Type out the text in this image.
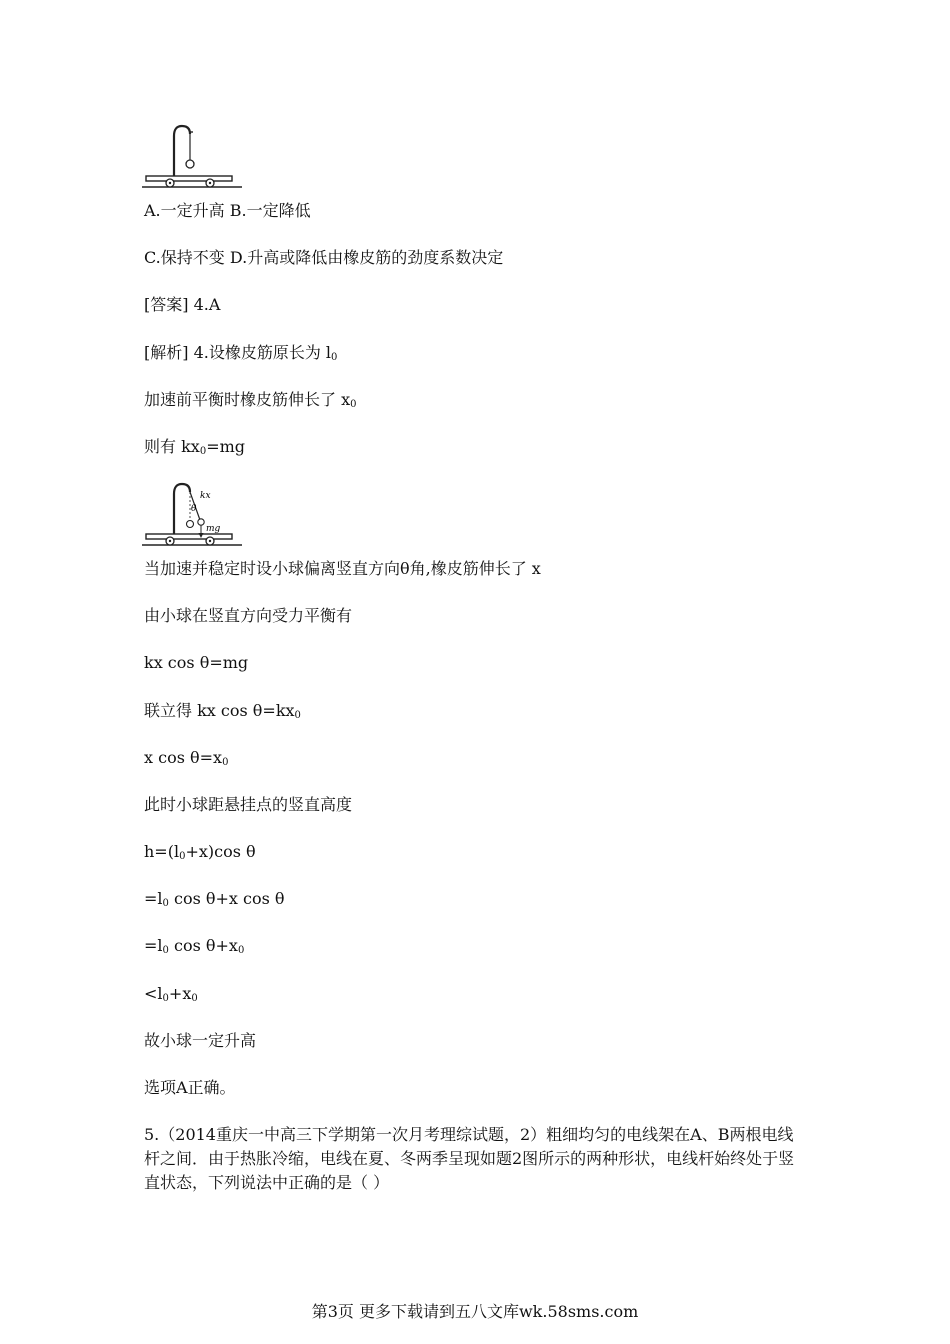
A.一定升高 B.一定降低
C.保持不变 D.升高或降低由橡皮筋的劲度系数决定
[答案] 4.A
[解析] 4.设橡皮筋原长为 $l_0$
加速前平衡时橡皮筋伸长了 $x_0$
则有 $kx_0=mg$
kx
θ
mg
当加速并稳定时设小球偏离竖直方向θ角,橡皮筋伸长了 x
由小球在竖直方向受力平衡有
kx cos θ=mg
联立得 kx $\cos \theta=kx_0$
x $\cos \theta=x_0$
此时小球距悬挂点的竖直高度
$h=(l_0+x)\cos$ θ
$=l_0$ cos θ+x cos θ
$=l_0$ $\cos \theta+x_0$
$<l_0+x_0$
故小球一定升高
选项A正确。
5.（2014重庆一中高三下学期第一次月考理综试题，2）粗细均匀的电线架在A、B两根电线杆之间．由于热胀冷缩，电线在夏、冬两季呈现如题2图所示的两种形状，电线杆始终处于竖直状态，下列说法中正确的是（ ）
第3页 更多下载请到五八文库wk.58sms.com
